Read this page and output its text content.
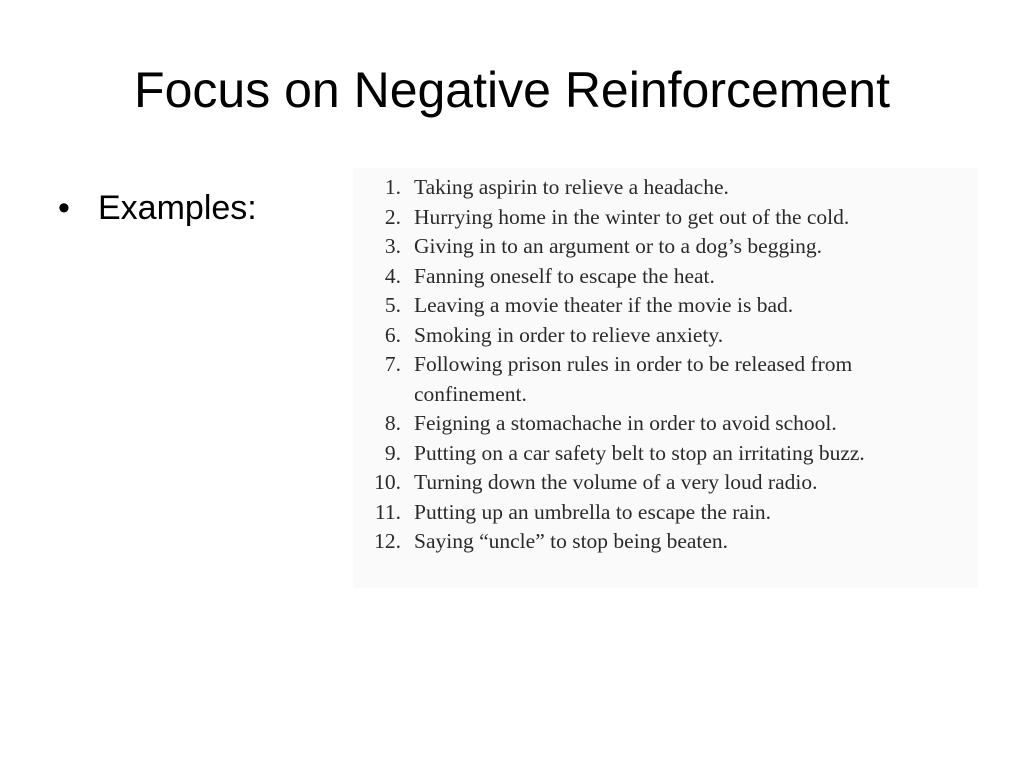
Focus on Negative Reinforcement
• Examples:
1. Taking aspirin to relieve a headache.
2. Hurrying home in the winter to get out of the cold.
3. Giving in to an argument or to a dog’s begging.
4. Fanning oneself to escape the heat.
5. Leaving a movie theater if the movie is bad.
6. Smoking in order to relieve anxiety.
7. Following prison rules in order to be released from confinement.
8. Feigning a stomachache in order to avoid school.
9. Putting on a car safety belt to stop an irritating buzz.
10. Turning down the volume of a very loud radio.
11. Putting up an umbrella to escape the rain.
12. Saying “uncle” to stop being beaten.
